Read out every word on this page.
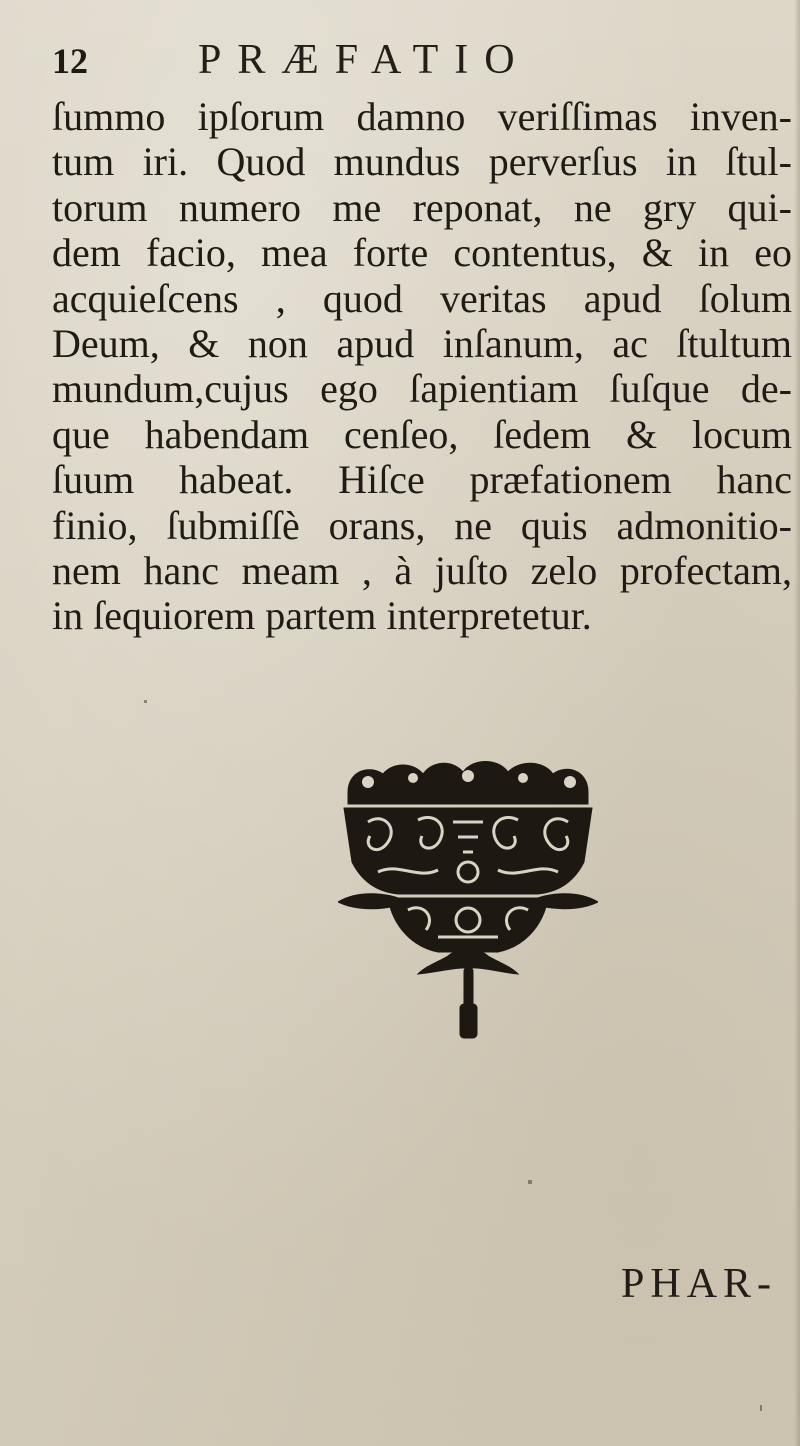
12	PRÆFATIO
ſummo ipſorum damno veriſſimas inven-
tum iri. Quod mundus perverſus in ſtul-
torum numero me reponat, ne gry qui-
dem facio, mea forte contentus, & in eo
acquieſcens , quod veritas apud ſolum
Deum, & non apud inſanum, ac ſtultum
mundum,cujus ego ſapientiam ſuſque de-
que habendam cenſeo, ſedem & locum
ſuum habeat. Hiſce præfationem hanc
finio, ſubmiſſè orans, ne quis admonitio-
nem hanc meam , à juſto zelo profectam,
in ſequiorem partem interpretetur.
PHAR-
